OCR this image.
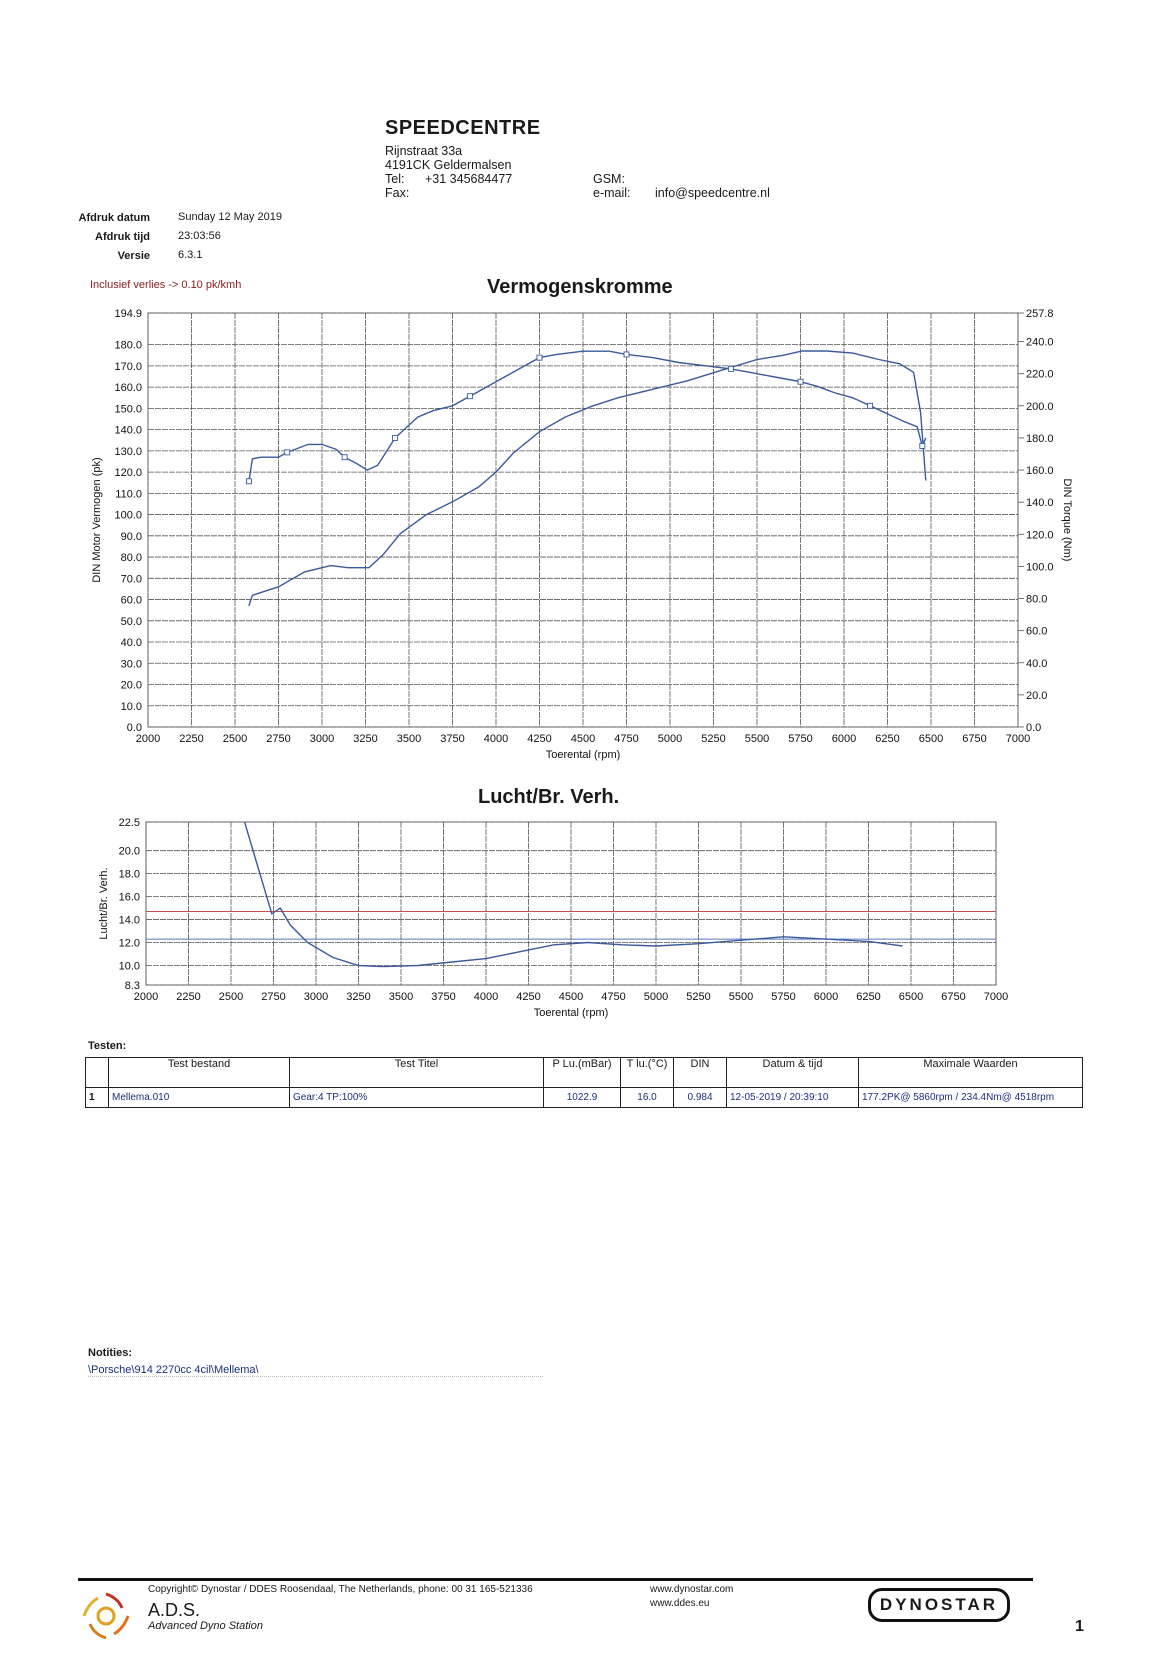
SPEEDCENTRE
Rijnstraat 33a
4191CK Geldermalsen
Tel: +31 345684477
Fax:
GSM:
e-mail: info@speedcentre.nl
Afdruk datum	Sunday 12 May 2019
Afdruk tijd	23:03:56
Versie	6.3.1
Inclusief verlies -> 0.10 pk/kmh	Vermogenskromme
2000 2250 2500 2750 3000 3250 3500 3750 4000 4250 4500 4750 5000 5250 5500 5750 6000 6250 6500 6750 7000
194.9
180.0
170.0
160.0
150.0
140.0
130.0
120.0
110.0
100.0
90.0
80.0
70.0
60.0
50.0
40.0
30.0
20.0
10.0
0.0
257.8
240.0
220.0
200.0
180.0
160.0
140.0
120.0
100.0
80.0
60.0
40.0
20.0
0.0
Toerental (rpm)
DIN Motor Vermogen (pk)	DIN Torque (Nm)
Lucht/Br. Verh.
2000 2250 2500 2750 3000 3250 3500 3750 4000 4250 4500 4750 5000 5250 5500 5750 6000 6250 6500 6750 7000
22.5
20.0
18.0
16.0
14.0
12.0
10.0
8.3
Toerental (rpm)
Lucht/Br. Verh.
Testen:
	Test bestand	Test Titel	P Lu.(mBar)	T lu.(°C)	DIN	Datum & tijd	Maximale Waarden
1	Mellema.010	Gear:4 TP:100%	1022.9	16.0	0.984	12-05-2019 / 20:39:10	177.2PK@ 5860rpm / 234.4Nm@ 4518rpm
Notities:
\Porsche\914 2270cc 4cil\Mellema\
Copyright© Dynostar / DDES Roosendaal, The Netherlands, phone: 00 31 165-521336
A.D.S.
Advanced Dyno Station
www.dynostar.com
www.ddes.eu	DYNOSTAR
1
